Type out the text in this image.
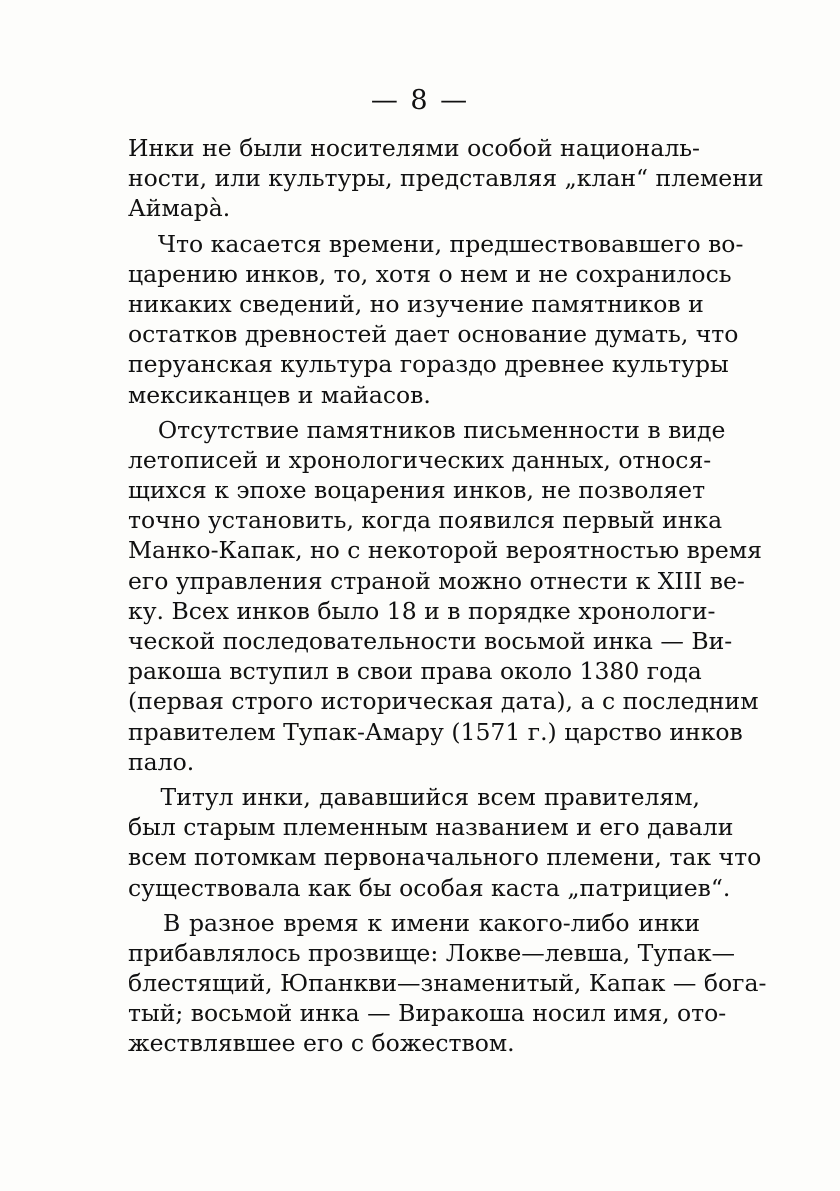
— 8 —
Инки не были носителями особой националь-
ности, или культуры, представляя „клан“ племени
Аймарà.
Что касается времени, предшествовавшего во-
царению инков, то, хотя о нем и не сохранилось
никаких сведений, но изучение памятников и
остатков древностей дает основание думать, что
перуанская культура гораздо древнее культуры
мексиканцев и майасов.
Отсутствие памятников письменности в виде
летописей и хронологических данных, относя-
щихся к эпохе воцарения инков, не позволяет
точно установить, когда появился первый инка
Манко-Капак, но с некоторой вероятностью время
его управления страной можно отнести к XIII ве-
ку. Всех инков было 18 и в порядке хронологи-
ческой последовательности восьмой инка — Ви-
ракоша вступил в свои права около 1380 года
(первая строго историческая дата), а с последним
правителем Тупак-Амару (1571 г.) царство инков
пало.
Титул инки, дававшийся всем правителям,
был старым племенным названием и его давали
всем потомкам первоначального племени, так что
существовала как бы особая каста „патрициев“.
В разное время к имени какого-либо инки
прибавлялось прозвище: Локве—левша, Тупак—
блестящий, Юпанкви—знаменитый, Капак — бога-
тый; восьмой инка — Виракоша носил имя, ото-
жествлявшее его с божеством.
